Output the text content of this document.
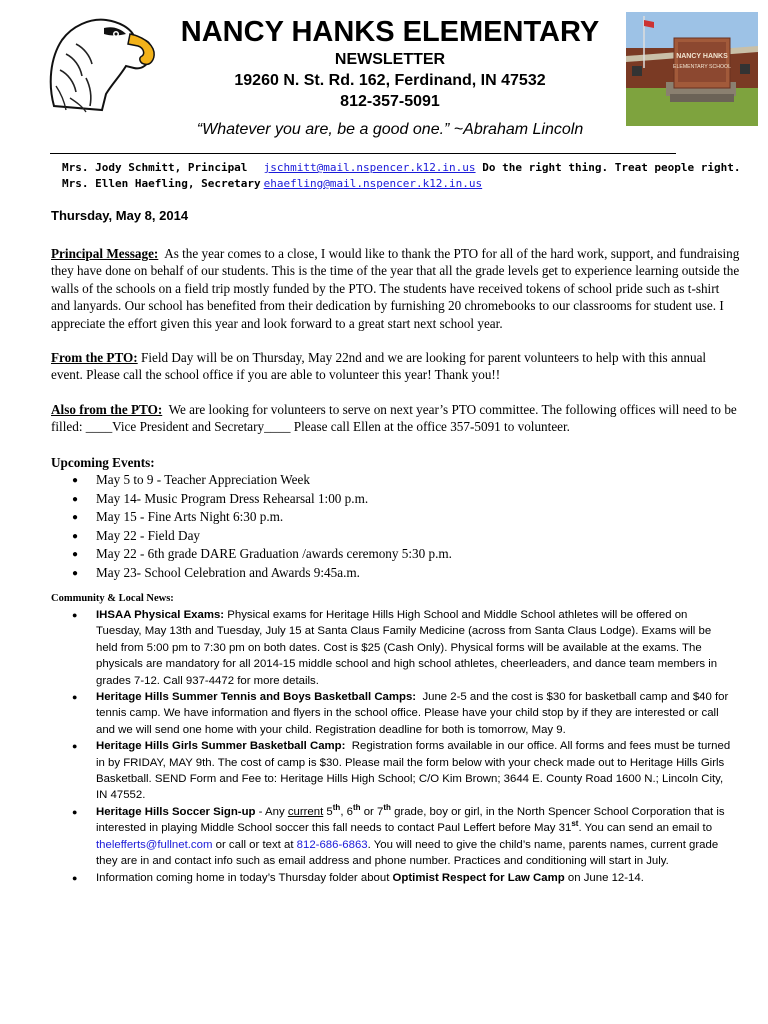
NANCY HANKS ELEMENTARY
NEWSLETTER
19260 N. St. Rd. 162, Ferdinand, IN 47532
812-357-5091
“Whatever you are, be a good one.” ~Abraham Lincoln
NANCY HANKS
ELEMENTARY SCHOOL
Mrs. Jody Schmitt, Principal jschmitt@mail.nspencer.k12.in.us Do the right thing. Treat people right.
Mrs. Ellen Haefling, Secretary ehaefling@mail.nspencer.k12.in.us
Thursday, May 8, 2014
Principal Message: As the year comes to a close, I would like to thank the PTO for all of the hard work, support, and fundraising they have done on behalf of our students. This is the time of the year that all the grade levels get to experience learning outside the walls of the schools on a field trip mostly funded by the PTO. The students have received tokens of school pride such as t-shirt and lanyards. Our school has benefited from their dedication by furnishing 20 chromebooks to our classrooms for student use. I appreciate the effort given this year and look forward to a great start next school year.
From the PTO: Field Day will be on Thursday, May 22nd and we are looking for parent volunteers to help with this annual event. Please call the school office if you are able to volunteer this year! Thank you!!
Also from the PTO: We are looking for volunteers to serve on next year’s PTO committee. The following offices will need to be filled: ____Vice President and Secretary____ Please call Ellen at the office 357-5091 to volunteer.
Upcoming Events:
● May 5 to 9 - Teacher Appreciation Week
● May 14- Music Program Dress Rehearsal 1:00 p.m.
● May 15 - Fine Arts Night 6:30 p.m.
● May 22 - Field Day
● May 22 - 6th grade DARE Graduation /awards ceremony 5:30 p.m.
● May 23- School Celebration and Awards 9:45a.m.
Community & Local News:
● IHSAA Physical Exams: Physical exams for Heritage Hills High School and Middle School athletes will be offered on Tuesday, May 13th and Tuesday, July 15 at Santa Claus Family Medicine (across from Santa Claus Lodge). Exams will be held from 5:00 pm to 7:30 pm on both dates. Cost is $25 (Cash Only). Physical forms will be available at the exams. The physicals are mandatory for all 2014-15 middle school and high school athletes, cheerleaders, and dance team members in grades 7-12. Call 937-4472 for more details.
● Heritage Hills Summer Tennis and Boys Basketball Camps: June 2-5 and the cost is $30 for basketball camp and $40 for tennis camp. We have information and flyers in the school office. Please have your child stop by if they are interested or call and we will send one home with your child. Registration deadline for both is tomorrow, May 9.
● Heritage Hills Girls Summer Basketball Camp: Registration forms available in our office. All forms and fees must be turned in by FRIDAY, MAY 9th. The cost of camp is $30. Please mail the form below with your check made out to Heritage Hills Girls Basketball. SEND Form and Fee to: Heritage Hills High School; C/O Kim Brown; 3644 E. County Road 1600 N.; Lincoln City, IN 47552.
● Heritage Hills Soccer Sign-up - Any current 5th, 6th or 7th grade, boy or girl, in the North Spencer School Corporation that is interested in playing Middle School soccer this fall needs to contact Paul Leffert before May 31st. You can send an email to thelefferts@fullnet.com or call or text at 812-686-6863. You will need to give the child’s name, parents names, current grade they are in and contact info such as email address and phone number. Practices and conditioning will start in July.
● Information coming home in today’s Thursday folder about Optimist Respect for Law Camp on June 12-14.
